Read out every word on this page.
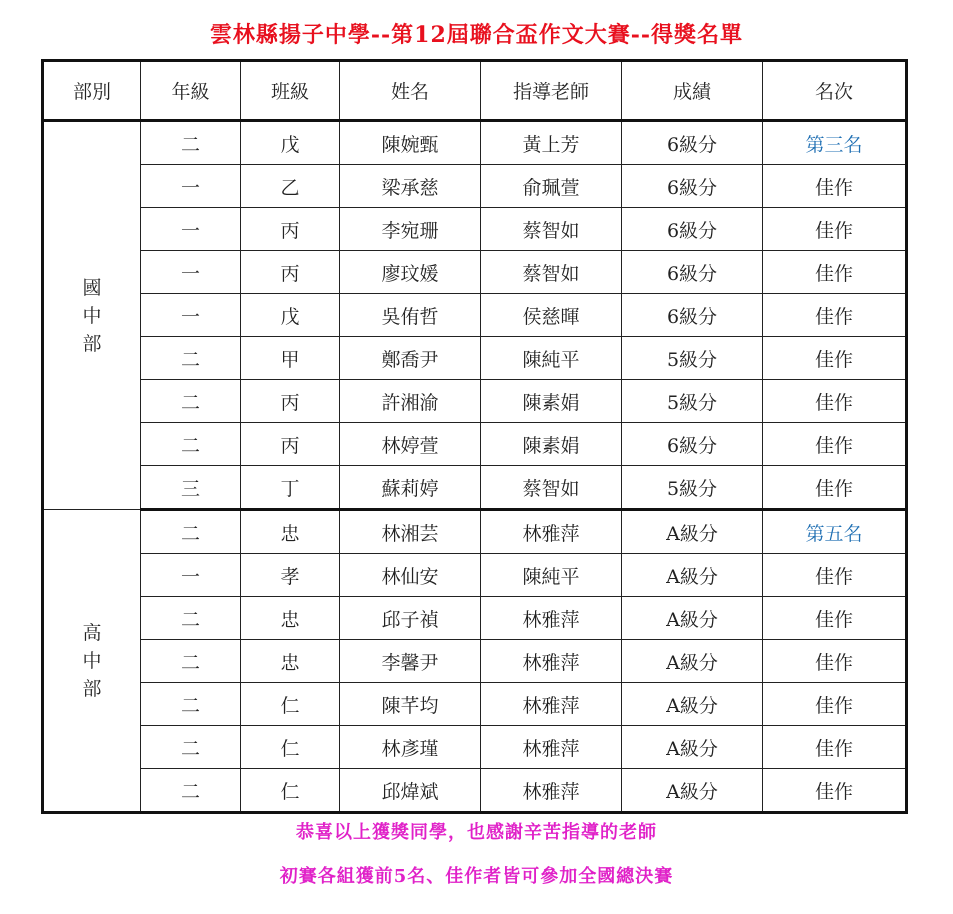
雲林縣揚子中學--第12屆聯合盃作文大賽--得獎名單
部別	年級	班級	姓名	指導老師	成績	名次

國
中
部	二	戊	陳婉甄	黃上芳	6級分	第三名
	一	乙	梁承慈	俞珮萱	6級分	佳作
	一	丙	李宛珊	蔡智如	6級分	佳作
	一	丙	廖玟媛	蔡智如	6級分	佳作
	一	戊	吳侑哲	侯慈暉	6級分	佳作
	二	甲	鄭喬尹	陳純平	5級分	佳作
	二	丙	許湘渝	陳素娟	5級分	佳作
	二	丙	林婷萱	陳素娟	6級分	佳作
	三	丁	蘇莉婷	蔡智如	5級分	佳作

高
中
部	二	忠	林湘芸	林雅萍	A級分	第五名
	一	孝	林仙安	陳純平	A級分	佳作
	二	忠	邱子禎	林雅萍	A級分	佳作
	二	忠	李馨尹	林雅萍	A級分	佳作
	二	仁	陳芊均	林雅萍	A級分	佳作
	二	仁	林彥瑾	林雅萍	A級分	佳作
	二	仁	邱煒斌	林雅萍	A級分	佳作
恭喜以上獲獎同學，也感謝辛苦指導的老師
初賽各組獲前5名、佳作者皆可參加全國總決賽
